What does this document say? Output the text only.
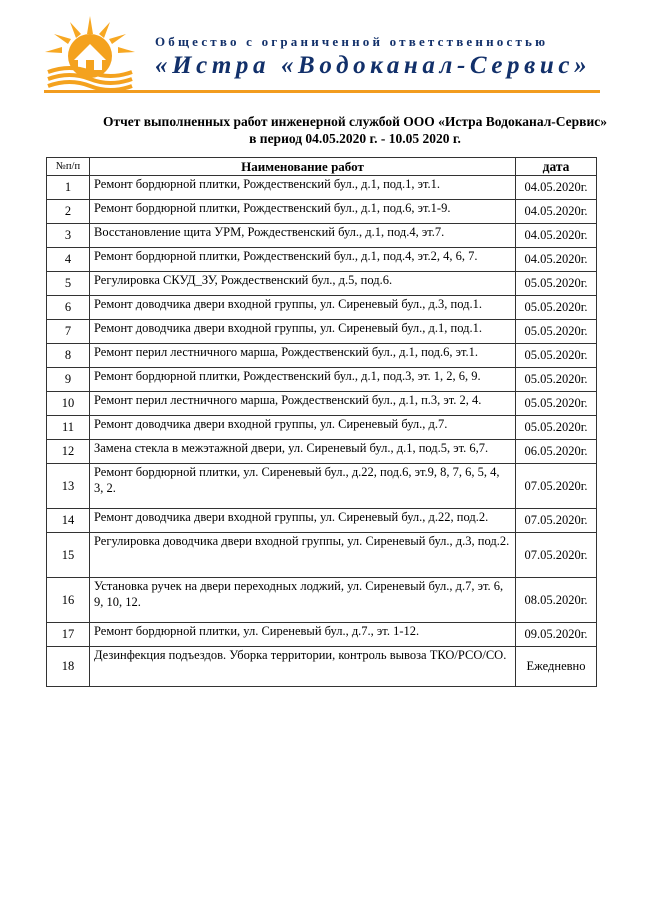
Общество с ограниченной ответственностью
«Истра «Водоканал-Сервис»
Отчет выполненных работ инженерной службой ООО «Истра Водоканал-Сервис»
в период 04.05.2020 г. - 10.05 2020 г.
№п/п	Наименование работ	дата
1	Ремонт бордюрной плитки, Рождественский бул., д.1, под.1, эт.1.	04.05.2020г.
2	Ремонт бордюрной плитки, Рождественский бул., д.1, под.6, эт.1-9.	04.05.2020г.
3	Восстановление щита УРМ, Рождественский бул., д.1, под.4, эт.7.	04.05.2020г.
4	Ремонт бордюрной плитки, Рождественский бул., д.1, под.4, эт.2, 4, 6, 7.	04.05.2020г.
5	Регулировка СКУД_ЗУ, Рождественский бул., д.5, под.6.	05.05.2020г.
6	Ремонт доводчика двери входной группы, ул. Сиреневый бул., д.3, под.1.	05.05.2020г.
7	Ремонт доводчика двери входной группы, ул. Сиреневый бул., д.1, под.1.	05.05.2020г.
8	Ремонт перил лестничного марша, Рождественский бул., д.1, под.6, эт.1.	05.05.2020г.
9	Ремонт бордюрной плитки, Рождественский бул., д.1, под.3, эт. 1, 2, 6, 9.	05.05.2020г.
10	Ремонт перил лестничного марша, Рождественский бул., д.1, п.3, эт. 2, 4.	05.05.2020г.
11	Ремонт доводчика двери входной группы, ул. Сиреневый бул., д.7.	05.05.2020г.
12	Замена стекла в межэтажной двери, ул. Сиреневый бул., д.1, под.5, эт. 6,7.	06.05.2020г.
13	Ремонт бордюрной плитки, ул. Сиреневый бул., д.22, под.6, эт.9, 8, 7, 6, 5, 4, 3, 2.	07.05.2020г.
14	Ремонт доводчика двери входной группы, ул. Сиреневый бул., д.22, под.2.	07.05.2020г.
15	Регулировка доводчика двери входной группы, ул. Сиреневый бул., д.3, под.2.	07.05.2020г.
16	Установка ручек на двери переходных лоджий, ул. Сиреневый бул., д.7, эт. 6, 9, 10, 12.	08.05.2020г.
17	Ремонт бордюрной плитки, ул. Сиреневый бул., д.7., эт. 1-12.	09.05.2020г.
18	Дезинфекция подъездов. Уборка территории, контроль вывоза ТКО/РСО/СО.	Ежедневно
